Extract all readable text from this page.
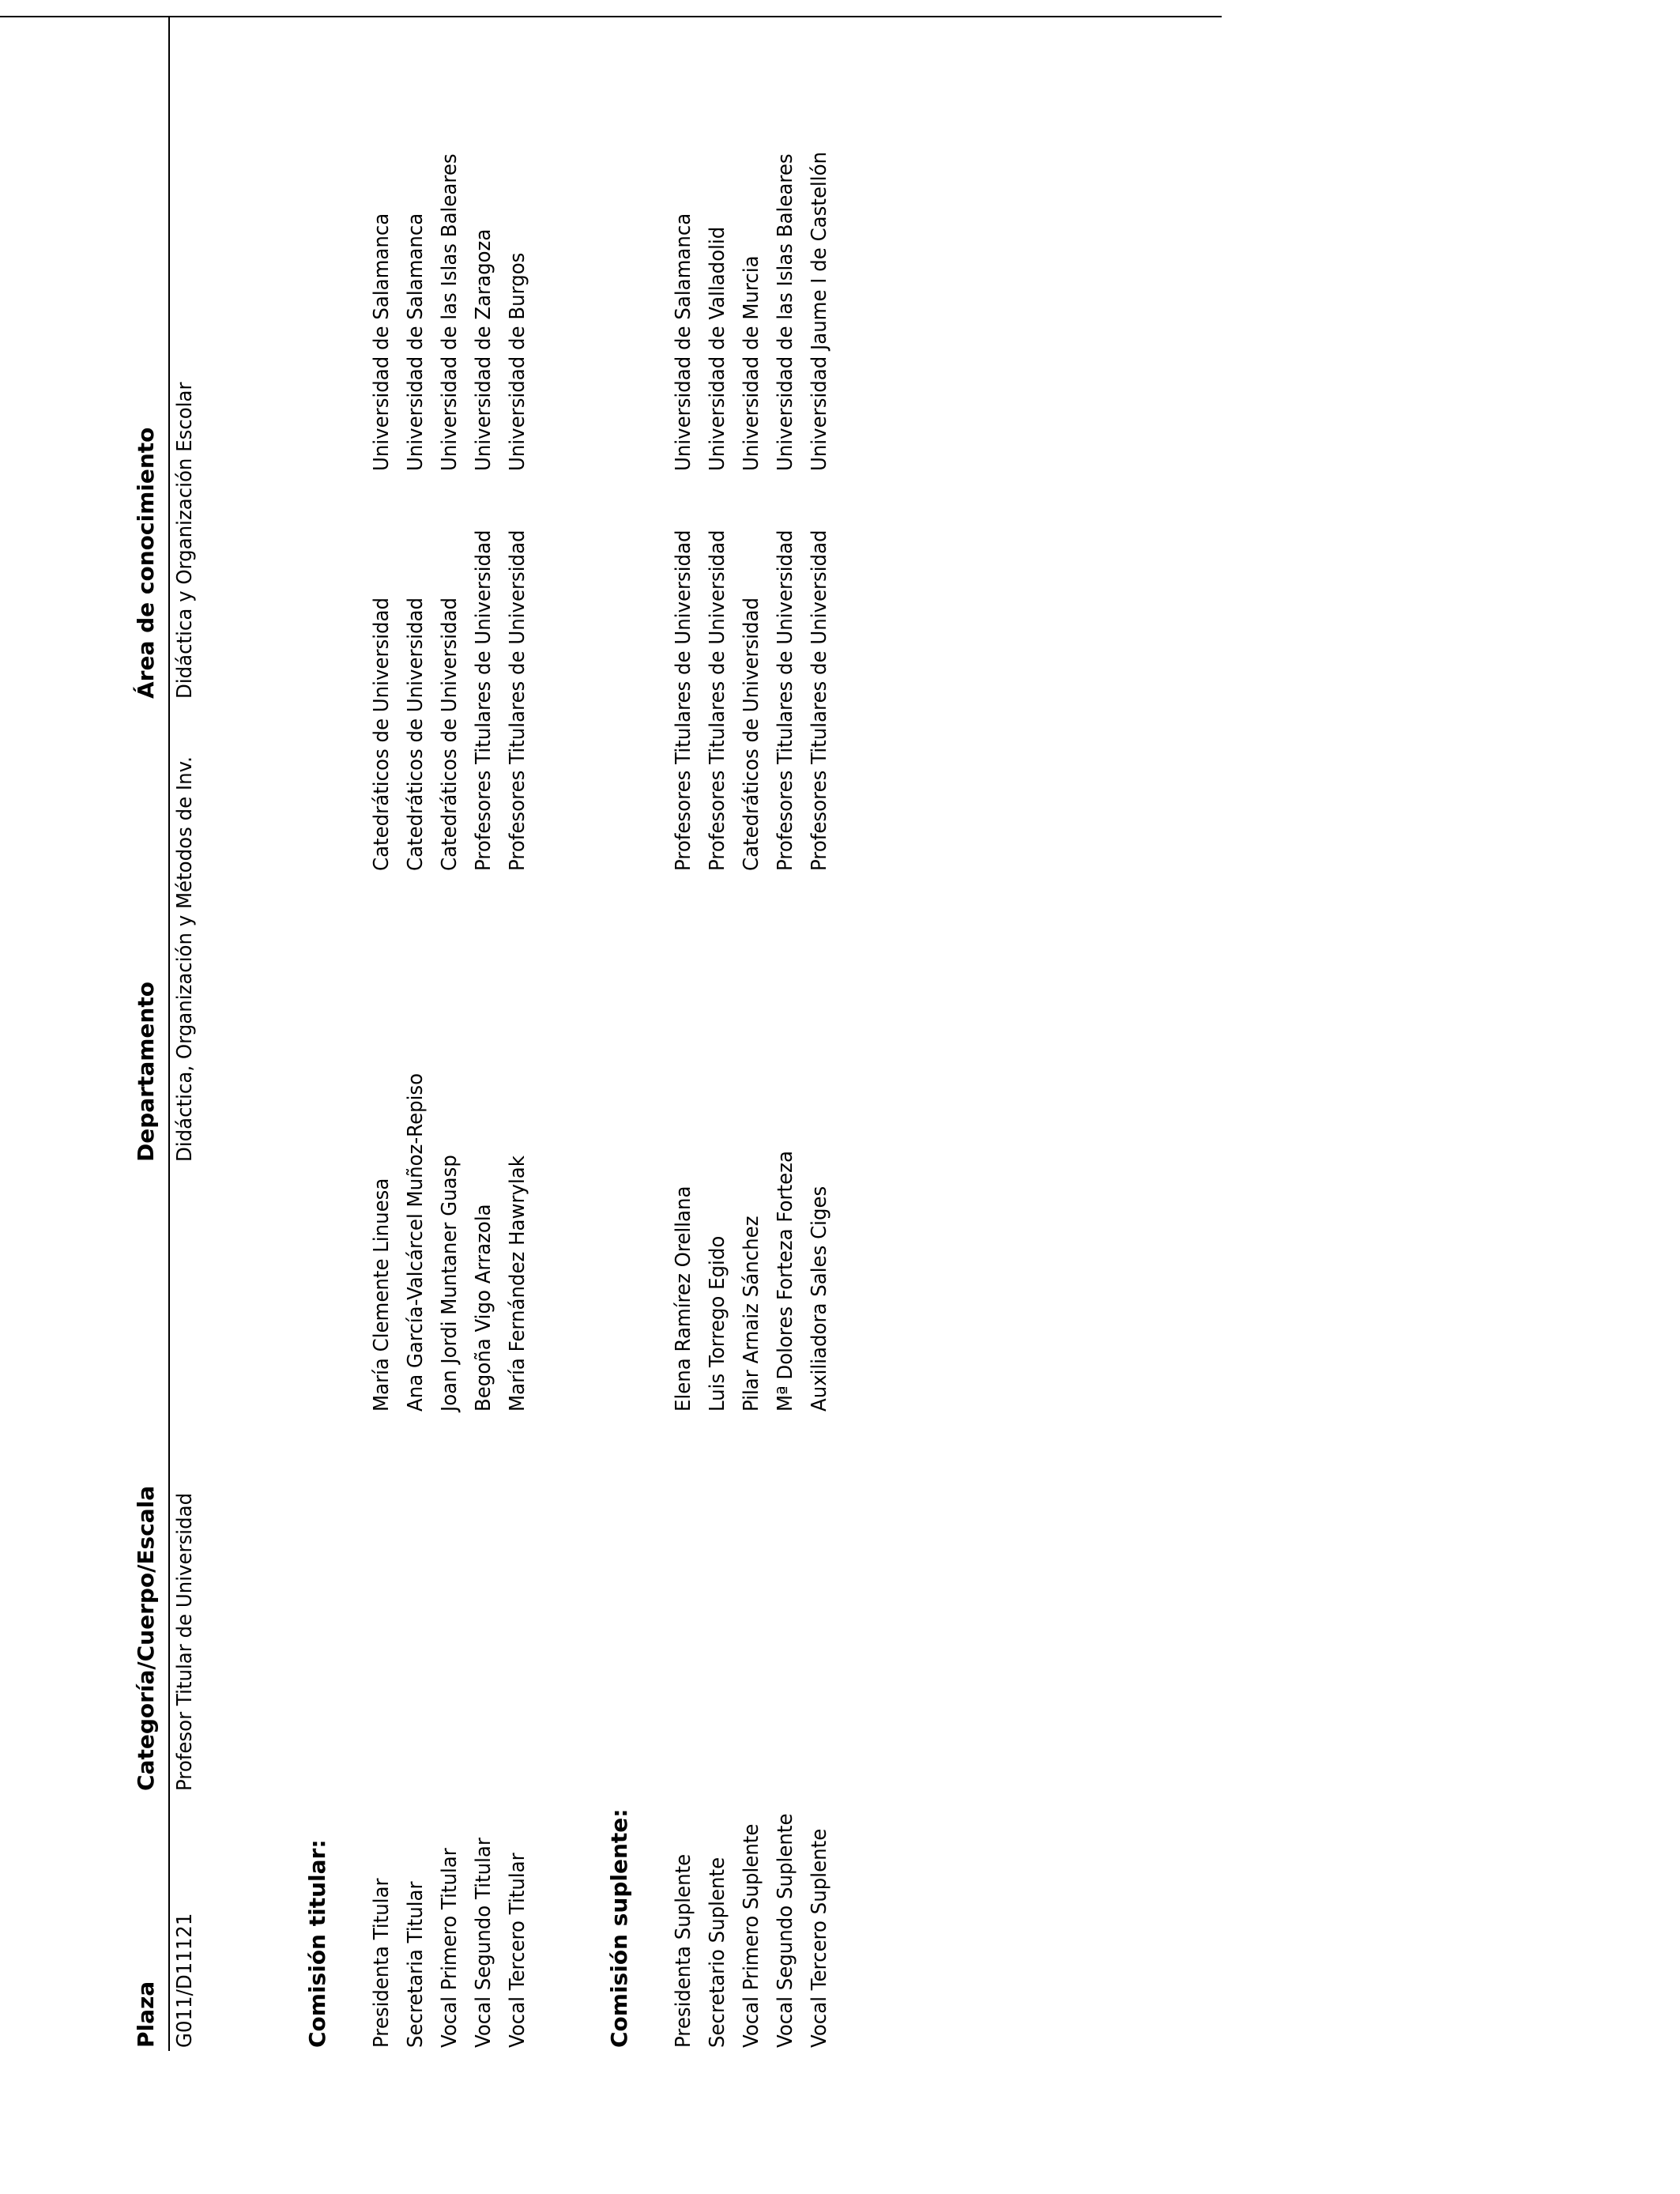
Plaza
Categoría/Cuerpo/Escala
Departamento
Área de conocimiento
G011/D11121
Profesor Titular de Universidad
Didáctica, Organización y Métodos de Inv.
Didáctica y Organización Escolar
Comisión titular: Presidenta Titular
María Clemente Linuesa
Catedráticos de Universidad
Universidad de Salamanca
Secretaria Titular
Ana García-Valcárcel Muñoz-Repiso
Catedráticos de Universidad
Universidad de Salamanca
Vocal Primero Titular
Joan Jordi Muntaner Guasp
Catedráticos de Universidad
Universidad de las Islas Baleares
Vocal Segundo Titular
Begoña Vigo Arrazola
Profesores Titulares de Universidad
Universidad de Zaragoza
Vocal Tercero Titular
María Fernández Hawrylak
Profesores Titulares de Universidad
Universidad de Burgos
Comisión suplente: Presidenta Suplente
Elena Ramírez Orellana
Profesores Titulares de Universidad
Universidad de Salamanca
Secretario Suplente
Luis Torrego Egido
Profesores Titulares de Universidad
Universidad de Valladolid
Vocal Primero Suplente
Pilar Arnaiz Sánchez
Catedráticos de Universidad
Universidad de Murcia
Vocal Segundo Suplente
Mª Dolores Forteza Forteza
Profesores Titulares de Universidad
Universidad de las Islas Baleares
Vocal Tercero Suplente
Auxiliadora Sales Ciges
Profesores Titulares de Universidad
Universidad Jaume I de Castellón
